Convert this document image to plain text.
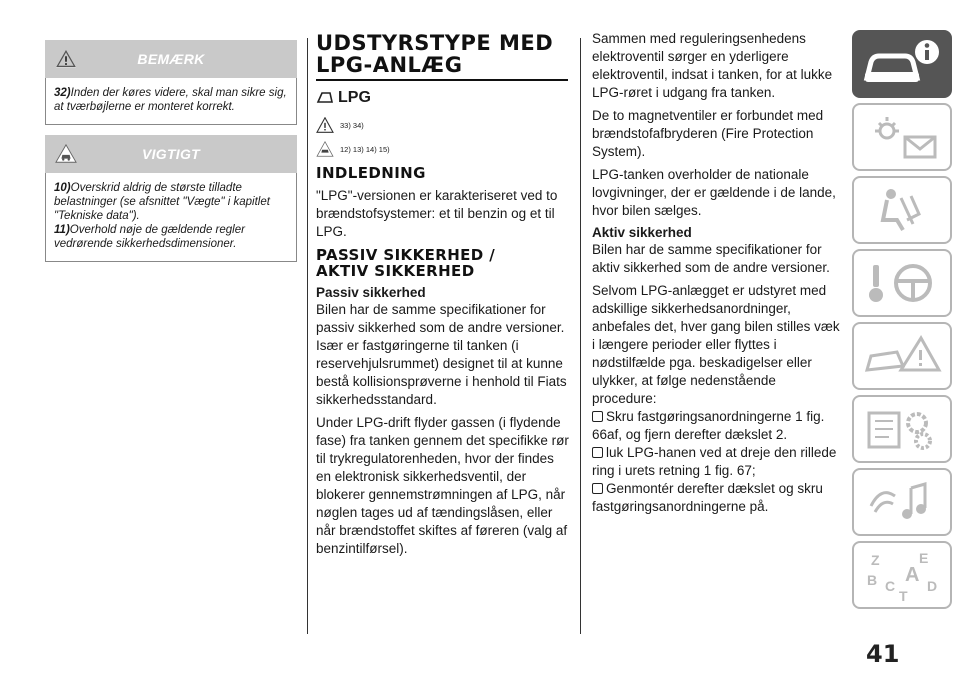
BEMÆRK
32)Inden der køres videre, skal man sikre sig, at tværbøjlerne er monteret korrekt.
VIGTIGT
10)Overskrid aldrig de største tilladte belastninger (se afsnittet "Vægte" i kapitlet "Tekniske data").
11)Overhold nøje de gældende regler vedrørende sikkerhedsdimensioner.
UDSTYRSTYPE MED
LPG-ANLÆG
LPG
33) 34)
12) 13) 14) 15)
INDLEDNING

"LPG"-versionen er karakteriseret ved to brændstofsystemer: et til benzin og et til LPG.

PASSIV SIKKERHED /
AKTIV SIKKERHED
Passiv sikkerhed

Bilen har de samme specifikationer for passiv sikkerhed som de andre versioner. Især er fastgøringerne til tanken (i reservehjulsrummet) designet til at kunne bestå kollisionsprøverne i henhold til Fiats sikkerhedsstandard.

Under LPG-drift flyder gassen (i flydende fase) fra tanken gennem det specifikke rør til trykregulatorenheden, hvor der findes en elektronisk sikkerhedsventil, der blokerer gennemstrømningen af LPG, når nøglen tages ud af tændingslåsen, eller når brændstoffet skiftes af føreren (valg af benzintilførsel).

Sammen med reguleringsenhedens elektroventil sørger en yderligere elektroventil, indsat i tanken, for at lukke LPG-røret i udgang fra tanken.

De to magnetventiler er forbundet med brændstofafbryderen (Fire Protection System).

LPG-tanken overholder de nationale lovgivninger, der er gældende i de lande, hvor bilen sælges.

Aktiv sikkerhed

Bilen har de samme specifikationer for aktiv sikkerhed som de andre versioner.

Selvom LPG-anlægget er udstyret med adskillige sikkerhedsanordninger, anbefales det, hver gang bilen stilles væk i længere perioder eller flyttes i nødstilfælde pga. beskadigelser eller ulykker, at følge nedenstående procedure:

Skru fastgøringsanordningerne 1 fig. 66af, og fjern derefter dækslet 2.

luk LPG-hanen ved at dreje den rillede ring i urets retning 1 fig. 67;

Genmontér derefter dækslet og skru fastgøringsanordningerne på.

Z	E
B C D
T
A
41
